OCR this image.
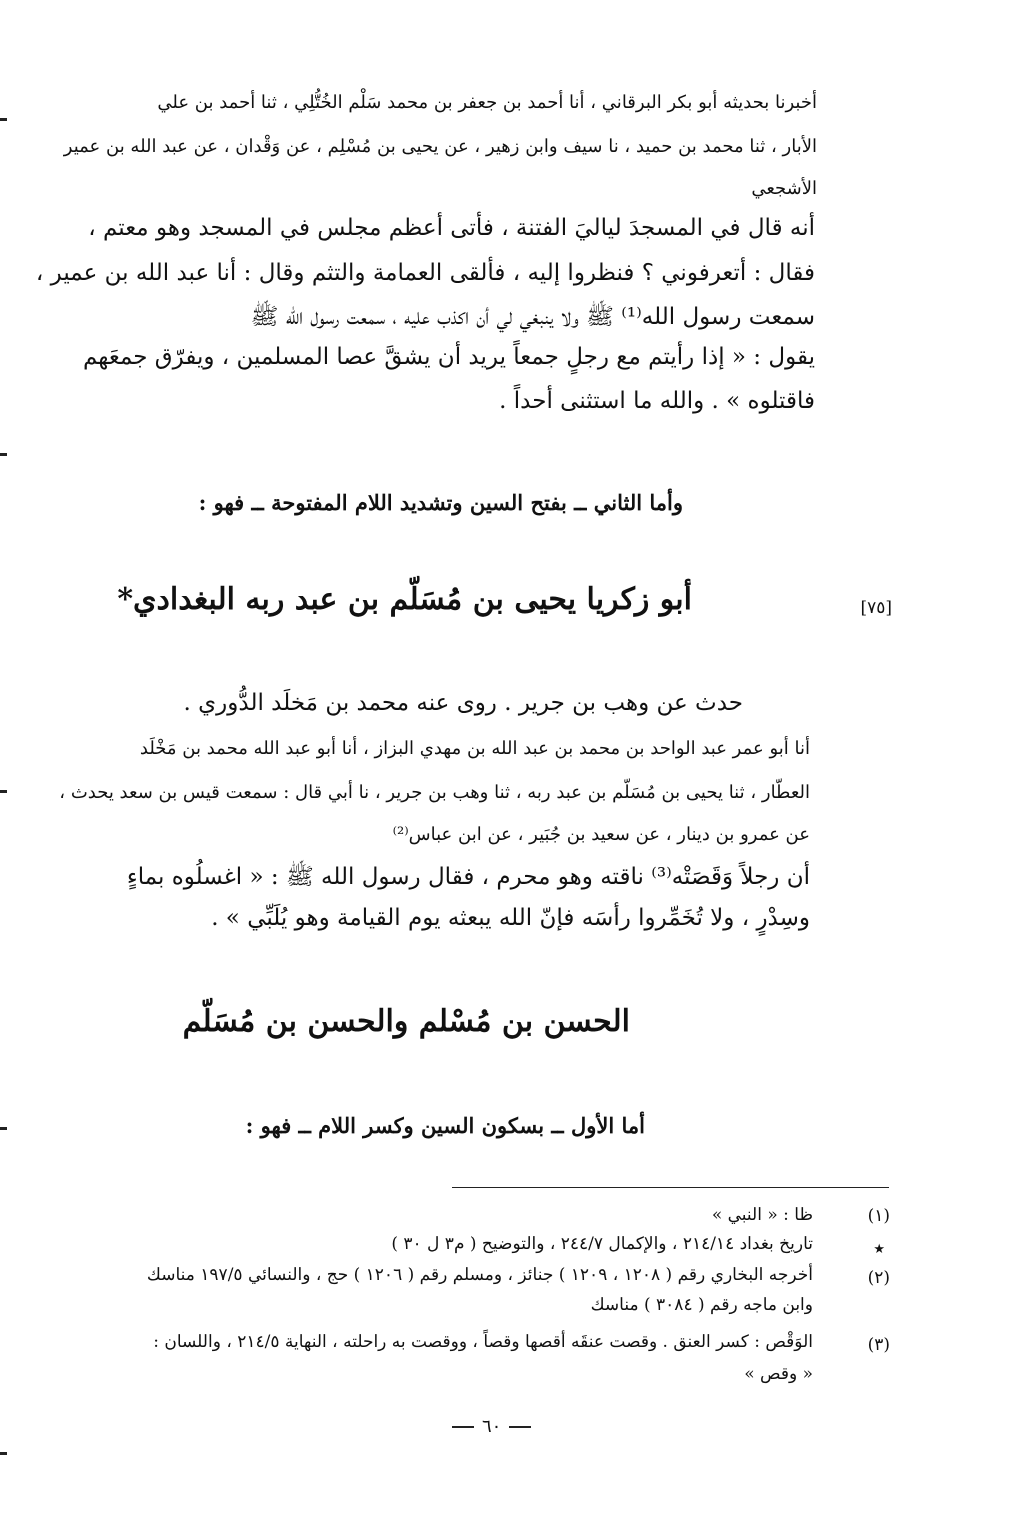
أخبرنا بحديثه أبو بكر البرقاني ، أنا أحمد بن جعفر بن محمد سَلْم الخُتُّلِي ، ثنا أحمد بن علي

الأبار ، ثنا محمد بن حميد ، نا سيف وابن زهير ، عن يحيى بن مُسْلِم ، عن وَقْدان ، عن عبد الله بن عمير

الأشجعي

أنه قال في المسجدَ لياليَ الفتنة ، فأتى أعظم مجلس في المسجد وهو معتم ،

فقال : أتعرفوني ؟ فنظروا إليه ، فألقى العمامة والتثم وقال : أنا عبد الله بن عمير ،

سمعت رسول الله⁽¹⁾ ﷺ ولا ينبغي لي أن اكذب عليه ، سمعت رسول الله ﷺ

يقول : « إذا رأيتم مع رجلٍ جمعاً يريد أن يشقَّ عصا المسلمين ، ويفرّق جمعَهم

فاقتلوه » . والله ما استثنى أحداً .

وأما الثاني ــ بفتح السين وتشديد اللام المفتوحة ــ فهو :

أبو زكريا يحيى بن مُسَلّم بن عبد ربه البغدادي*	[٧٥]

حدث عن وهب بن جرير . روى عنه محمد بن مَخلَد الدُّوري .

أنا أبو عمر عبد الواحد بن محمد بن عبد الله بن مهدي البزاز ، أنا أبو عبد الله محمد بن مَخْلَد

العطّار ، ثنا يحيى بن مُسَلّم بن عبد ربه ، ثنا وهب بن جرير ، نا أبي قال : سمعت قيس بن سعد يحدث ،

عن عمرو بن دينار ، عن سعيد بن جُبَير ، عن ابن عباس⁽²⁾

أن رجلاً وَقَصَتْه⁽³⁾ ناقته وهو محرم ، فقال رسول الله ﷺ : « اغسلُوه بماءٍ

وسِدْرٍ ، ولا تُخَمِّروا رأسَه فإنّ الله يبعثه يوم القيامة وهو يُلَبِّي » .

الحسن بن مُسْلم والحسن بن مُسَلّم

أما الأول ــ بسكون السين وكسر اللام ــ فهو :

(١)

ظا : « النبي »

★

تاريخ بغداد ٢١٤/١٤ ، والإكمال ٢٤٤/٧ ، والتوضيح ( م٣ ل ٣٠ )

(٢)

أخرجه البخاري رقم ( ١٢٠٨ ، ١٢٠٩ ) جنائز ، ومسلم رقم ( ١٢٠٦ ) حج ، والنسائي ١٩٧/٥ مناسك

وابن ماجه رقم ( ٣٠٨٤ ) مناسك

(٣)

الوَقْص : كسر العنق . وقصت عنقَه أقصها وقصاً ، ووقصت به راحلته ، النهاية ٢١٤/٥ ، واللسان :

« وقص »

٦٠
